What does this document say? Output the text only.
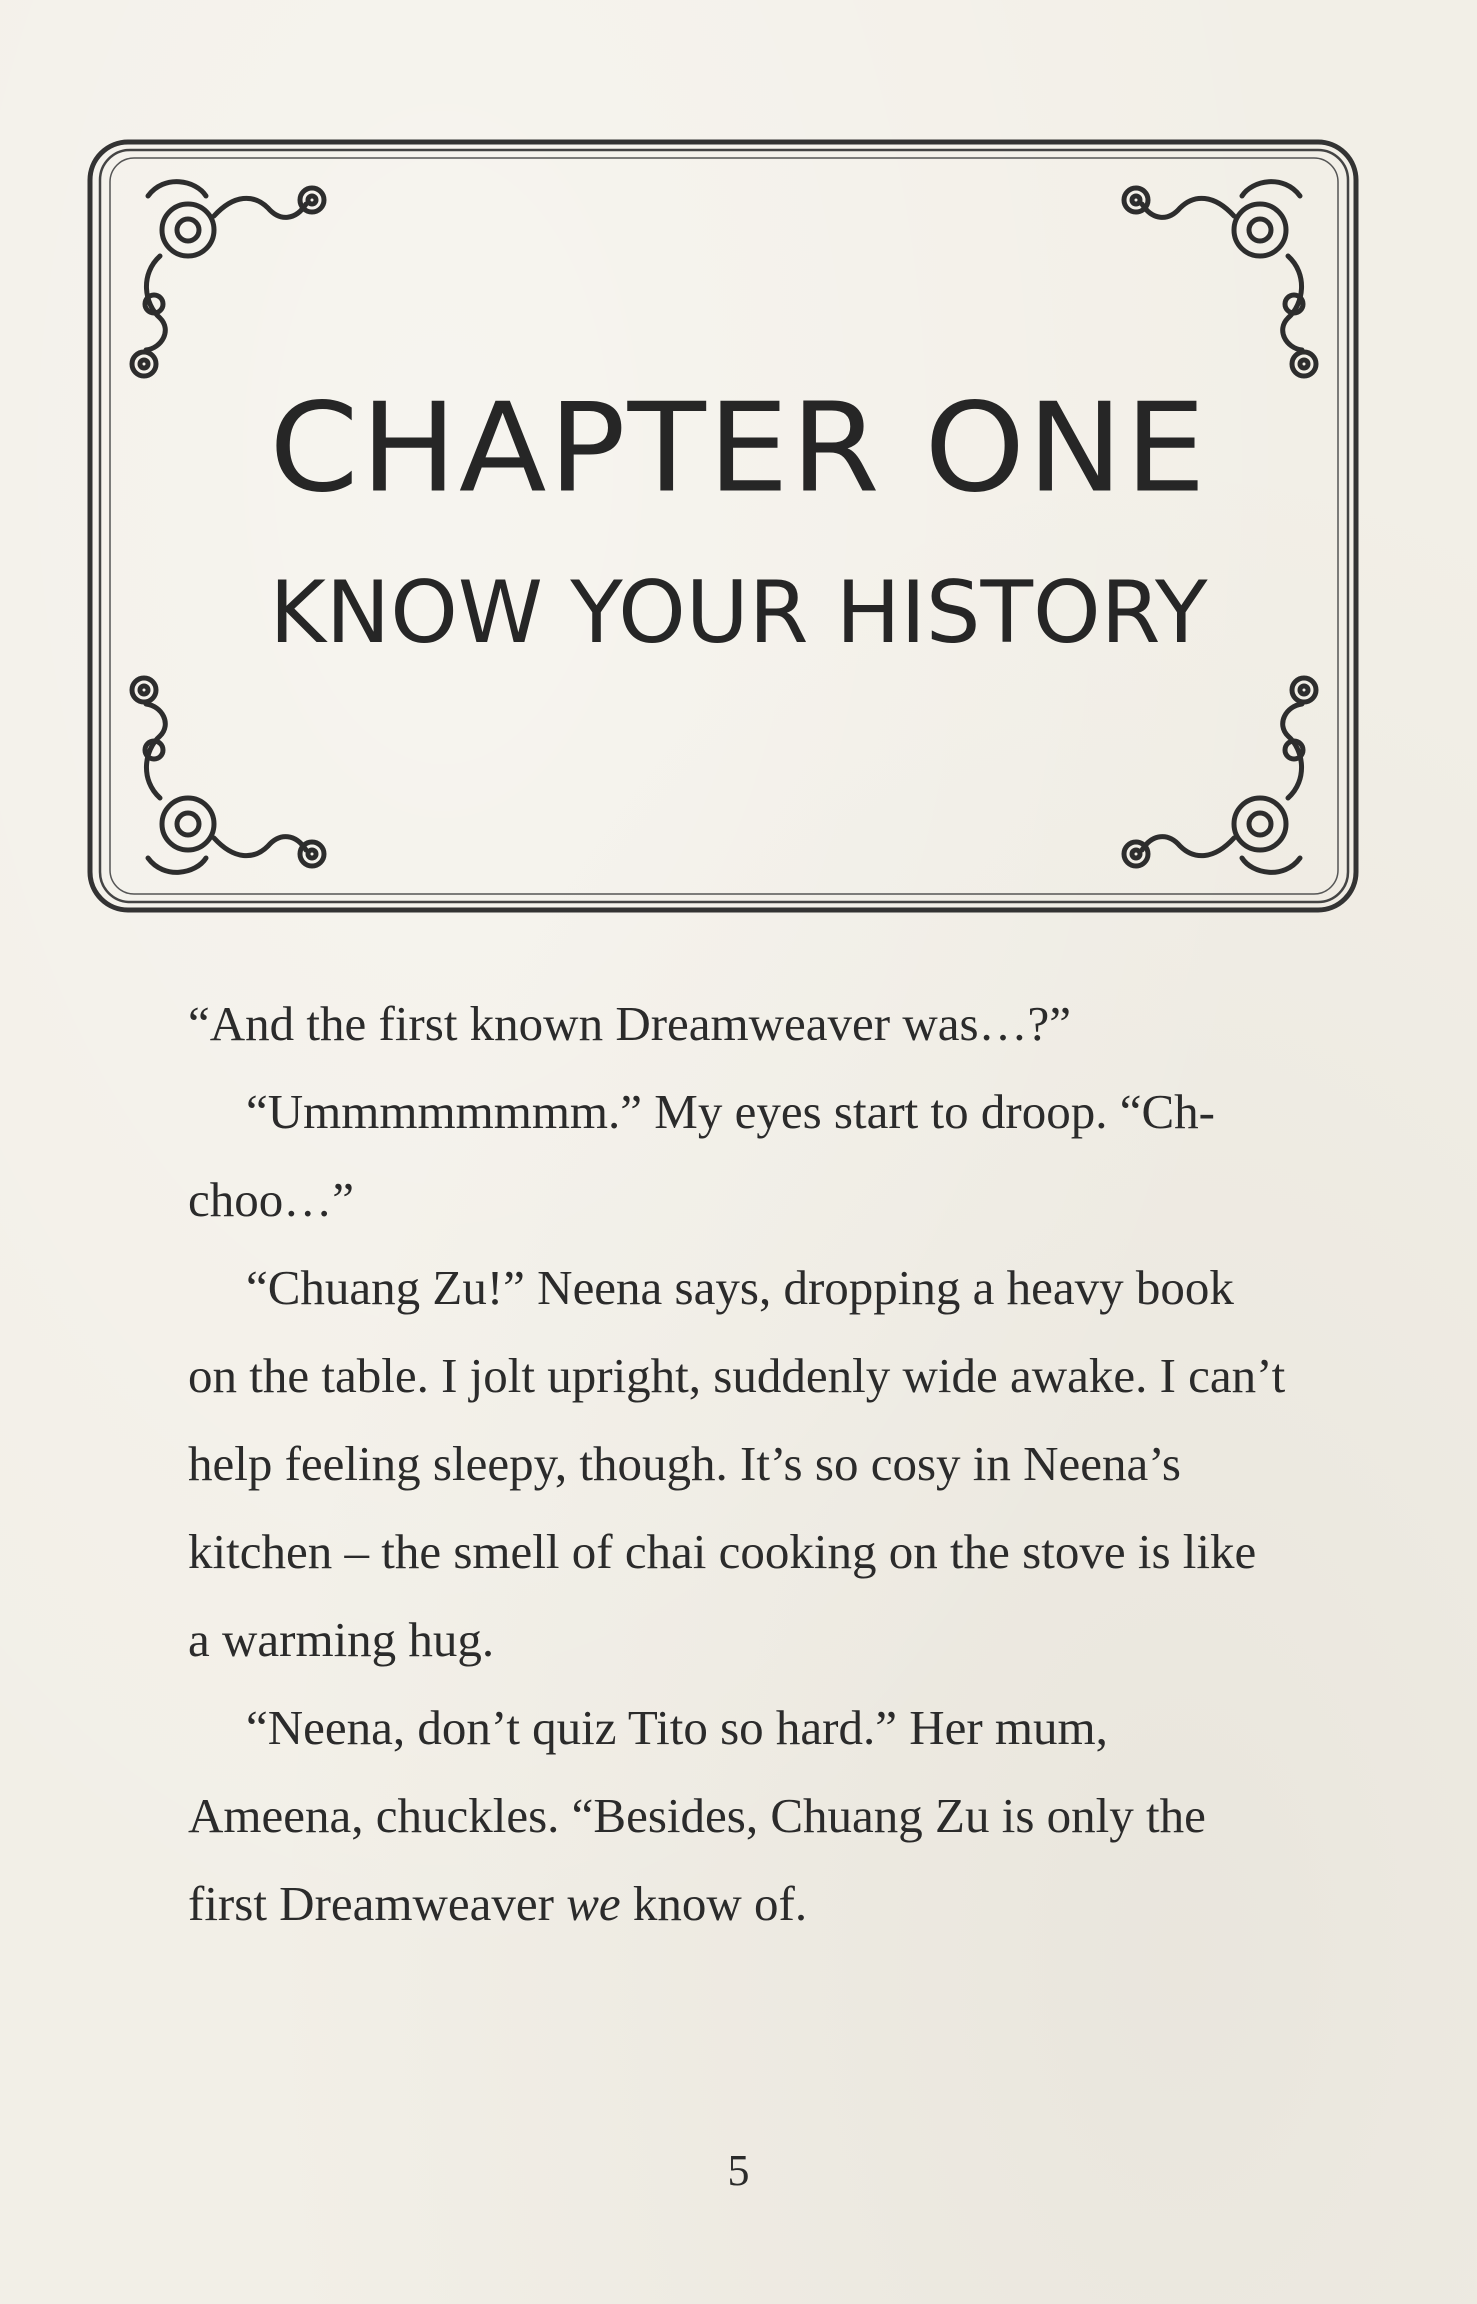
CHAPTER ONE
KNOW YOUR HISTORY

“And the first known Dreamweaver was…?”

“Ummmmmmmm.” My eyes start to droop. “Ch-choo…”

“Chuang Zu!” Neena says, dropping a heavy book on the table. I jolt upright, suddenly wide awake. I can’t help feeling sleepy, though. It’s so cosy in Neena’s kitchen – the smell of chai cooking on the stove is like a warming hug.

“Neena, don’t quiz Tito so hard.” Her mum, Ameena, chuckles. “Besides, Chuang Zu is only the first Dreamweaver we know of.

5
